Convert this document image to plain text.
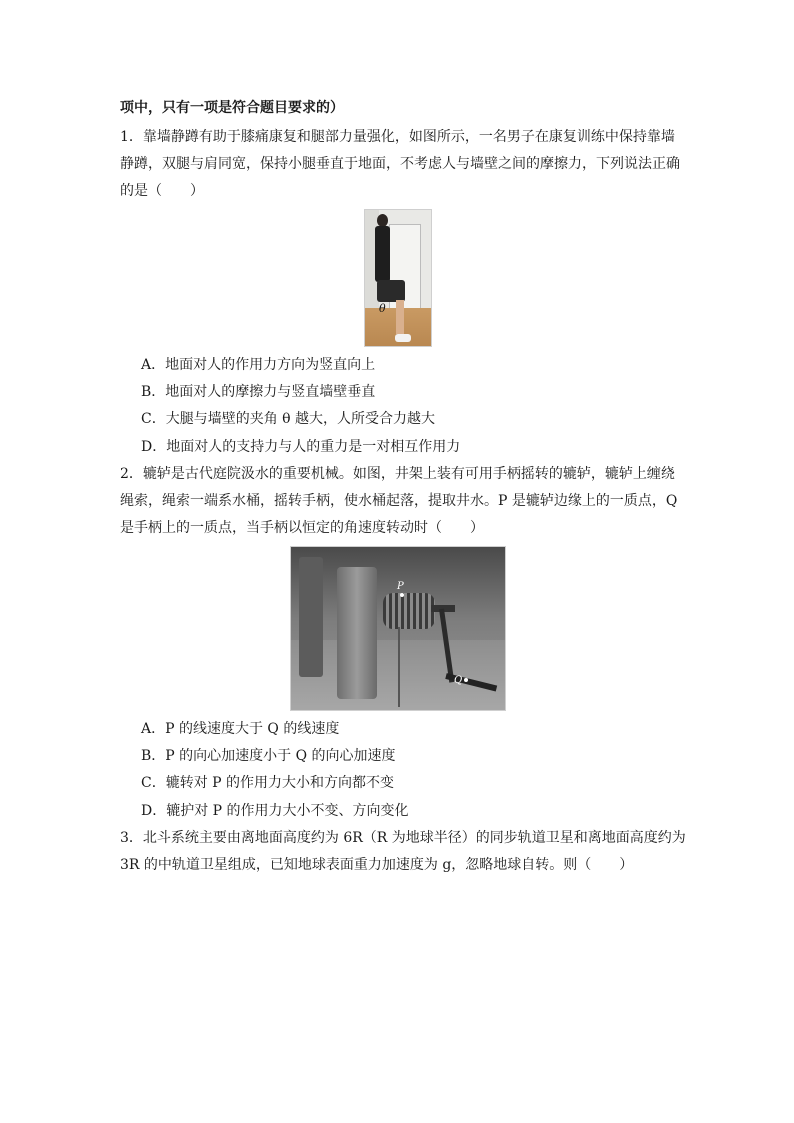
项中，只有一项是符合题目要求的）
1．靠墙静蹲有助于膝痛康复和腿部力量强化，如图所示，一名男子在康复训练中保持靠墙
静蹲，双腿与肩同宽，保持小腿垂直于地面，不考虑人与墙壁之间的摩擦力，下列说法正确
的是（　　）
θ
A．地面对人的作用力方向为竖直向上
B．地面对人的摩擦力与竖直墙壁垂直
C．大腿与墙壁的夹角 θ 越大，人所受合力越大
D．地面对人的支持力与人的重力是一对相互作用力
2．辘轳是古代庭院汲水的重要机械。如图，井架上装有可用手柄摇转的辘轳，辘轳上缠绕
绳索，绳索一端系水桶，摇转手柄，使水桶起落，提取井水。P 是辘轳边缘上的一质点，Q
是手柄上的一质点，当手柄以恒定的角速度转动时（　　）
P
Q
A．P 的线速度大于 Q 的线速度
B．P 的向心加速度小于 Q 的向心加速度
C．辘转对 P 的作用力大小和方向都不变
D．辘护对 P 的作用力大小不变、方向变化
3．北斗系统主要由离地面高度约为 6R（R 为地球半径）的同步轨道卫星和离地面高度约为
3R 的中轨道卫星组成，已知地球表面重力加速度为 g，忽略地球自转。则（　　）
